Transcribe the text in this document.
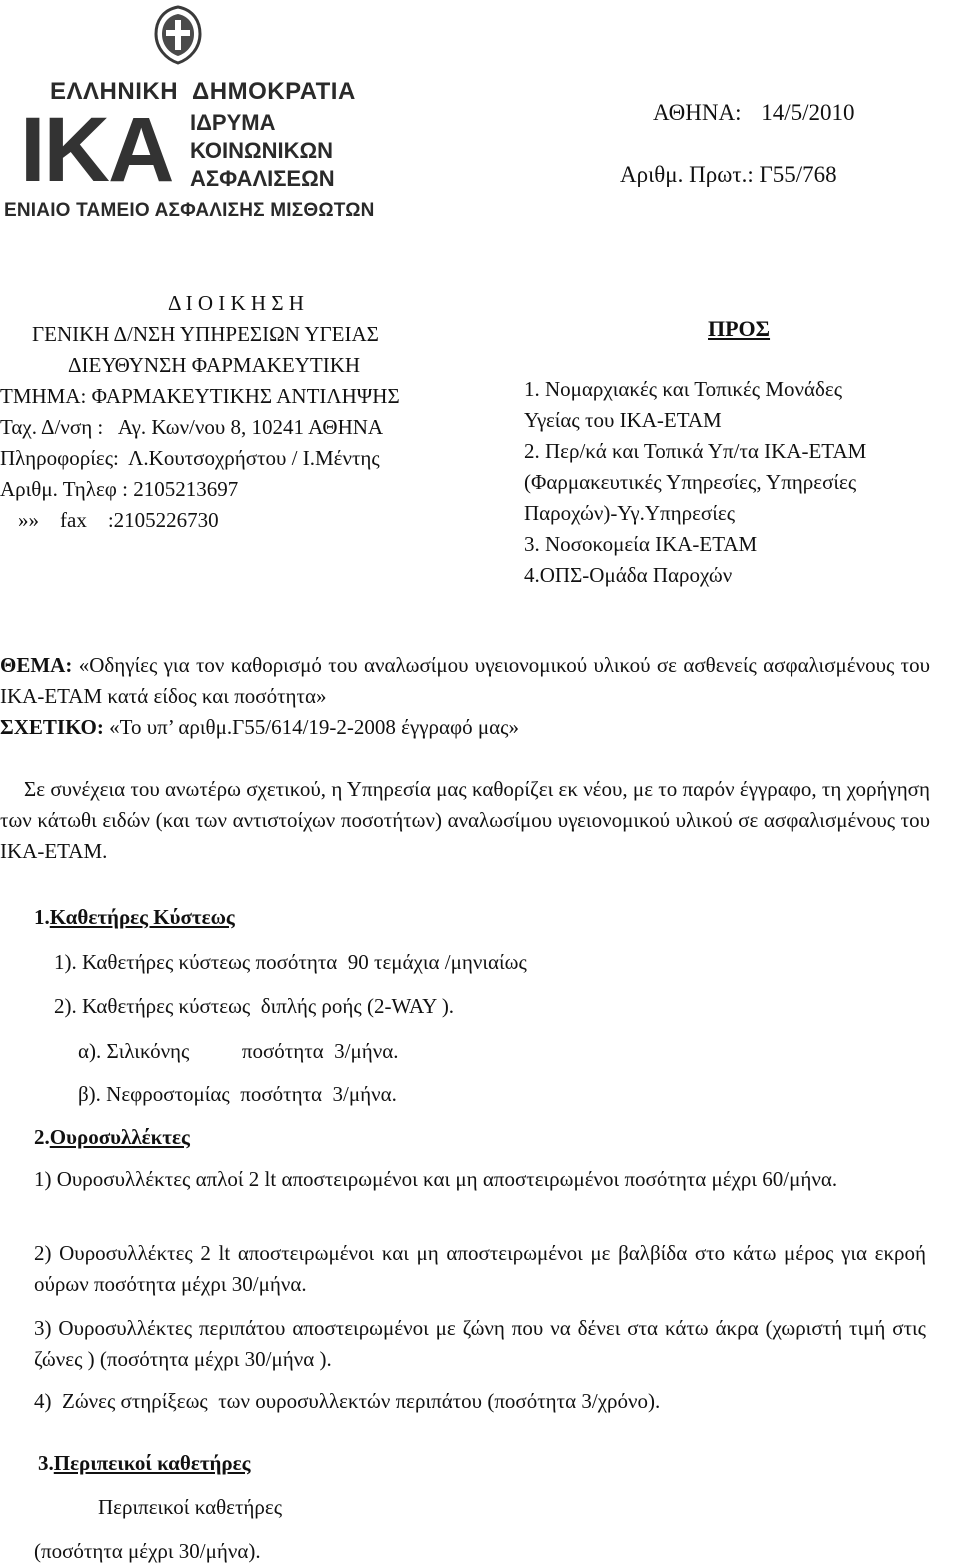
ΕΛΛΗΝΙΚΗ ΔΗΜΟΚΡΑΤΙΑ
ΙΚΑ ΙΔΡΥΜΑ
ΚΟΙΝΩΝΙΚΩΝ
ΑΣΦΑΛΙΣΕΩΝ
ΕΝΙΑΙΟ ΤΑΜΕΙΟ ΑΣΦΑΛΙΣΗΣ ΜΙΣΘΩΤΩΝ
ΑΘΗΝΑ: 14/5/2010
Αριθμ. Πρωτ.: Γ55/768
Δ Ι Ο Ι Κ Η Σ Η
ΓΕΝΙΚΗ Δ/ΝΣΗ ΥΠΗΡΕΣΙΩΝ ΥΓΕΙΑΣ
ΔΙΕΥΘΥΝΣΗ ΦΑΡΜΑΚΕΥΤΙΚΗ
ΤΜΗΜΑ: ΦΑΡΜΑΚΕΥΤΙΚΗΣ ΑΝΤΙΛΗΨΗΣ
Ταχ. Δ/νση :   Αγ. Κων/νου 8, 10241 ΑΘΗΝΑ
Πληροφορίες:  Λ.Κουτσοχρήστου / Ι.Μέντης
Αριθμ. Τηλεφ : 2105213697
»»    fax    :2105226730
ΠΡΟΣ
1. Νομαρχιακές και Τοπικές Μονάδες
Υγείας του ΙΚΑ-ΕΤΑΜ
2. Περ/κά και Τοπικά Υπ/τα ΙΚΑ-ΕΤΑΜ
(Φαρμακευτικές Υπηρεσίες, Υπηρεσίες
Παροχών)-Υγ.Υπηρεσίες
3. Νοσοκομεία ΙΚΑ-ΕΤΑΜ
4.ΟΠΣ-Ομάδα Παροχών
ΘΕΜΑ: «Οδηγίες για τον καθορισμό του αναλωσίμου υγειονομικού υλικού σε ασθενείς ασφαλισμένους του ΙΚΑ-ΕΤΑΜ κατά είδος και ποσότητα»
ΣΧΕΤΙΚΟ: «Το υπ’ αριθμ.Γ55/614/19-2-2008 έγγραφό μας»
Σε συνέχεια του ανωτέρω σχετικού, η Υπηρεσία μας καθορίζει εκ νέου, με το παρόν έγγραφο, τη χορήγηση των κάτωθι ειδών (και των αντιστοίχων ποσοτήτων) αναλωσίμου υγειονομικού υλικού σε ασφαλισμένους του ΙΚΑ-ΕΤΑΜ.
1.Καθετήρες Κύστεως
1). Καθετήρες κύστεως ποσότητα  90 τεμάχια /μηνιαίως
2). Καθετήρες κύστεως  διπλής ροής (2-WAY ).
α). Σιλικόνης          ποσότητα  3/μήνα.
β). Νεφροστομίας  ποσότητα  3/μήνα.
2.Ουροσυλλέκτες
1) Ουροσυλλέκτες απλοί 2 lt αποστειρωμένοι και μη αποστειρωμένοι ποσότητα μέχρι 60/μήνα.
2) Ουροσυλλέκτες 2 lt αποστειρωμένοι και μη αποστειρωμένοι με βαλβίδα στο κάτω μέρος για εκροή ούρων ποσότητα μέχρι 30/μήνα.
3) Ουροσυλλέκτες περιπάτου αποστειρωμένοι με ζώνη που να δένει στα κάτω άκρα (χωριστή τιμή στις ζώνες ) (ποσότητα μέχρι 30/μήνα ).
4)  Ζώνες στηρίξεως  των ουροσυλλεκτών περιπάτου (ποσότητα 3/χρόνο).
3.Περιπεικοί καθετήρες
Περιπεικοί καθετήρες
(ποσότητα μέχρι 30/μήνα).
